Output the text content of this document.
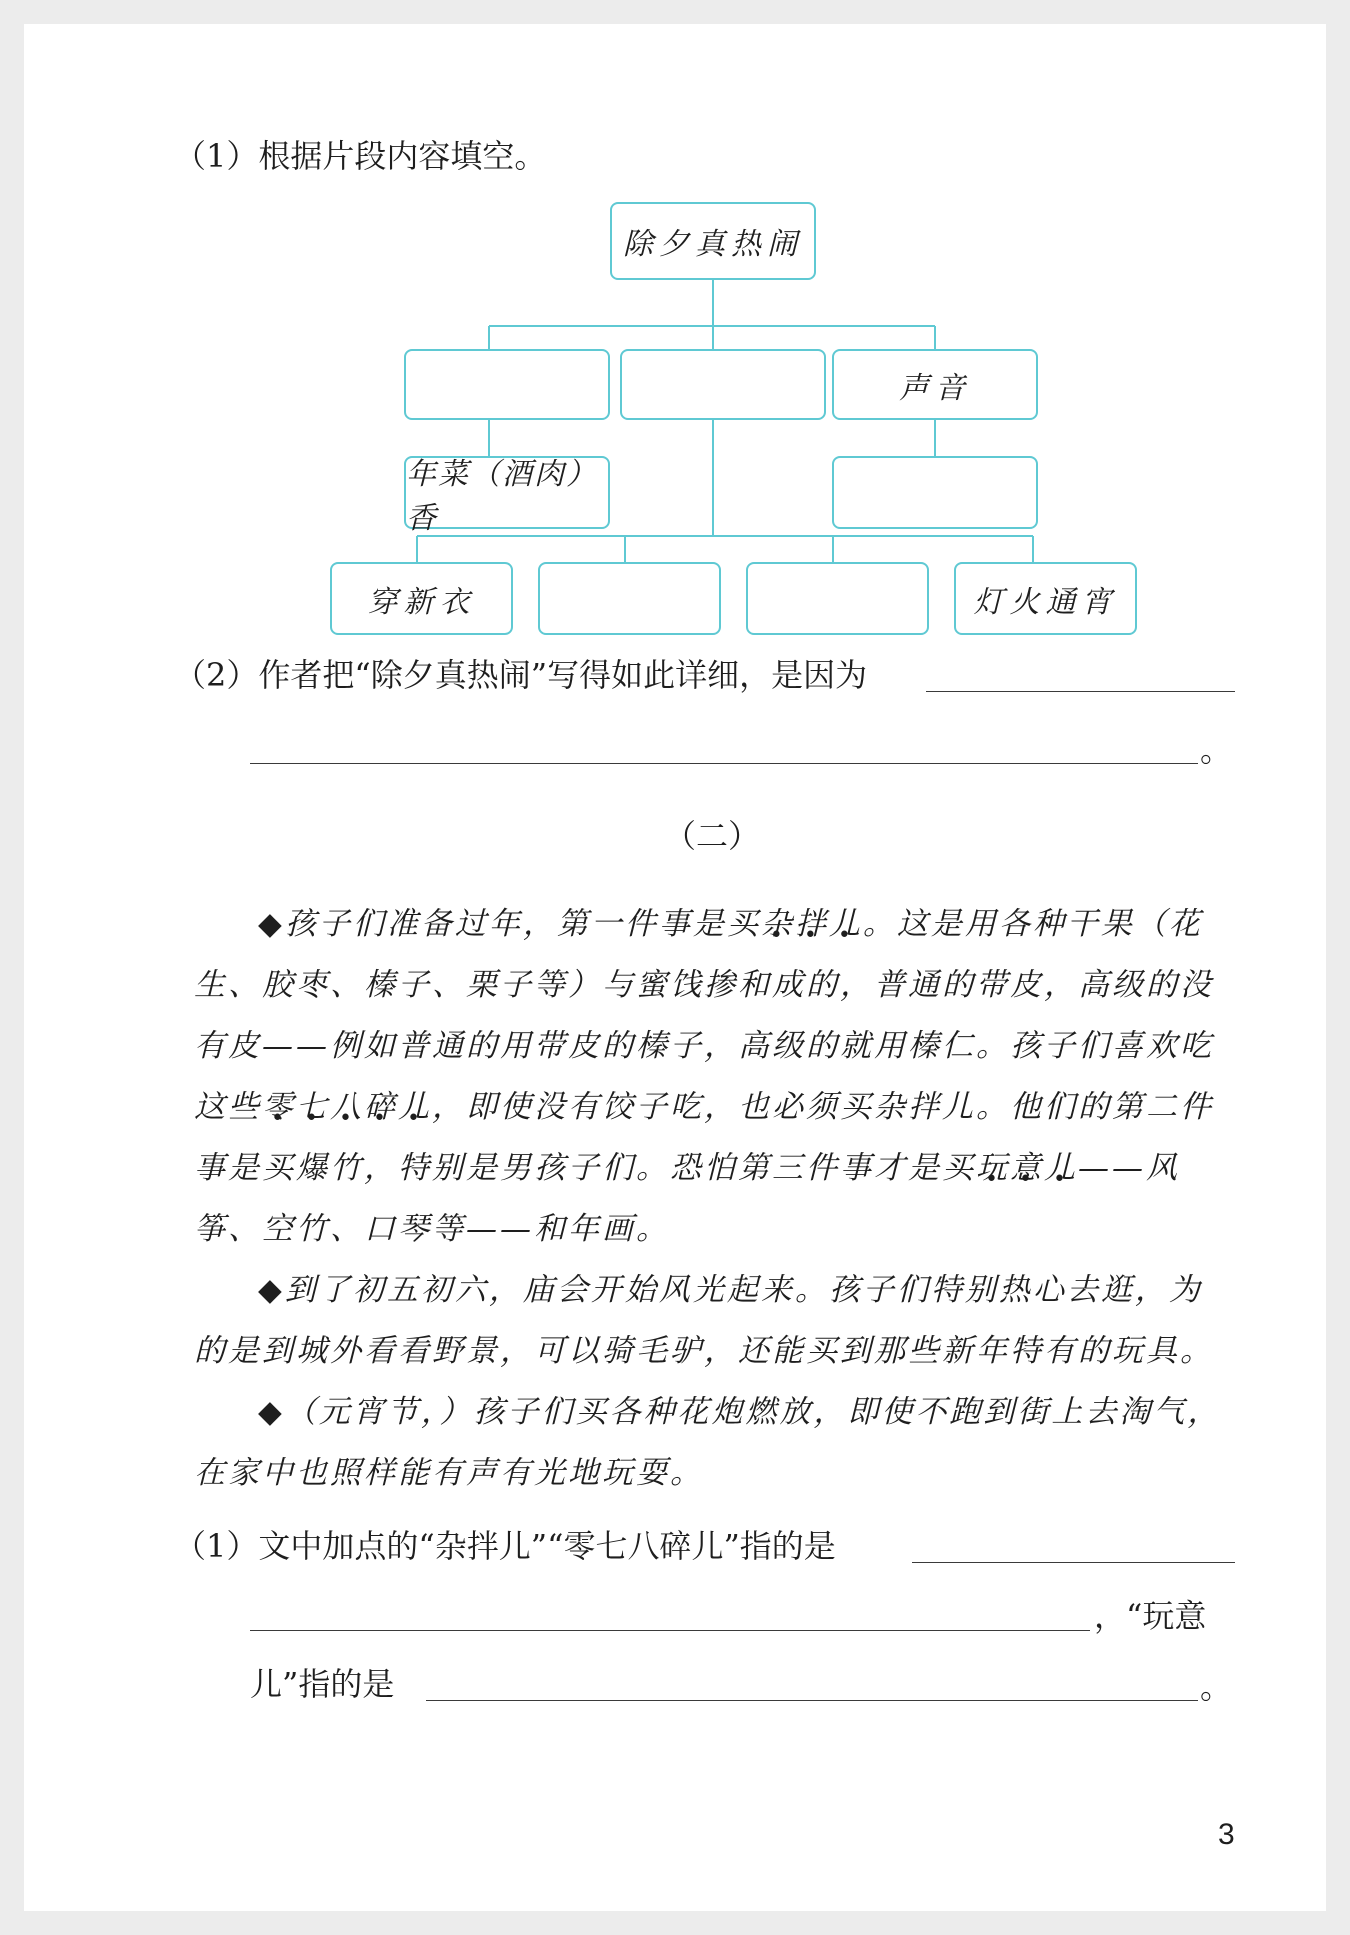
（1）根据片段内容填空。
除夕真热闹
声音
年菜（酒肉）香
穿新衣	灯火通宵
（2）作者把“除夕真热闹”写得如此详细，是因为
。
（二）
◆孩子们准备过年，第一件事是买杂拌儿。这是用各种干果（花生、胶枣、榛子、栗子等）与蜜饯掺和成的，普通的带皮，高级的没有皮——例如普通的用带皮的榛子，高级的就用榛仁。孩子们喜欢吃这些零七八碎儿，即使没有饺子吃，也必须买杂拌儿。他们的第二件事是买爆竹，特别是男孩子们。恐怕第三件事才是买玩意儿——风筝、空竹、口琴等——和年画。
◆到了初五初六，庙会开始风光起来。孩子们特别热心去逛，为的是到城外看看野景，可以骑毛驴，还能买到那些新年特有的玩具。
◆（元宵节，）孩子们买各种花炮燃放，即使不跑到街上去淘气，在家中也照样能有声有光地玩耍。
（1）文中加点的“杂拌儿”“零七八碎儿”指的是
，“玩意
儿”指的是	。
3
